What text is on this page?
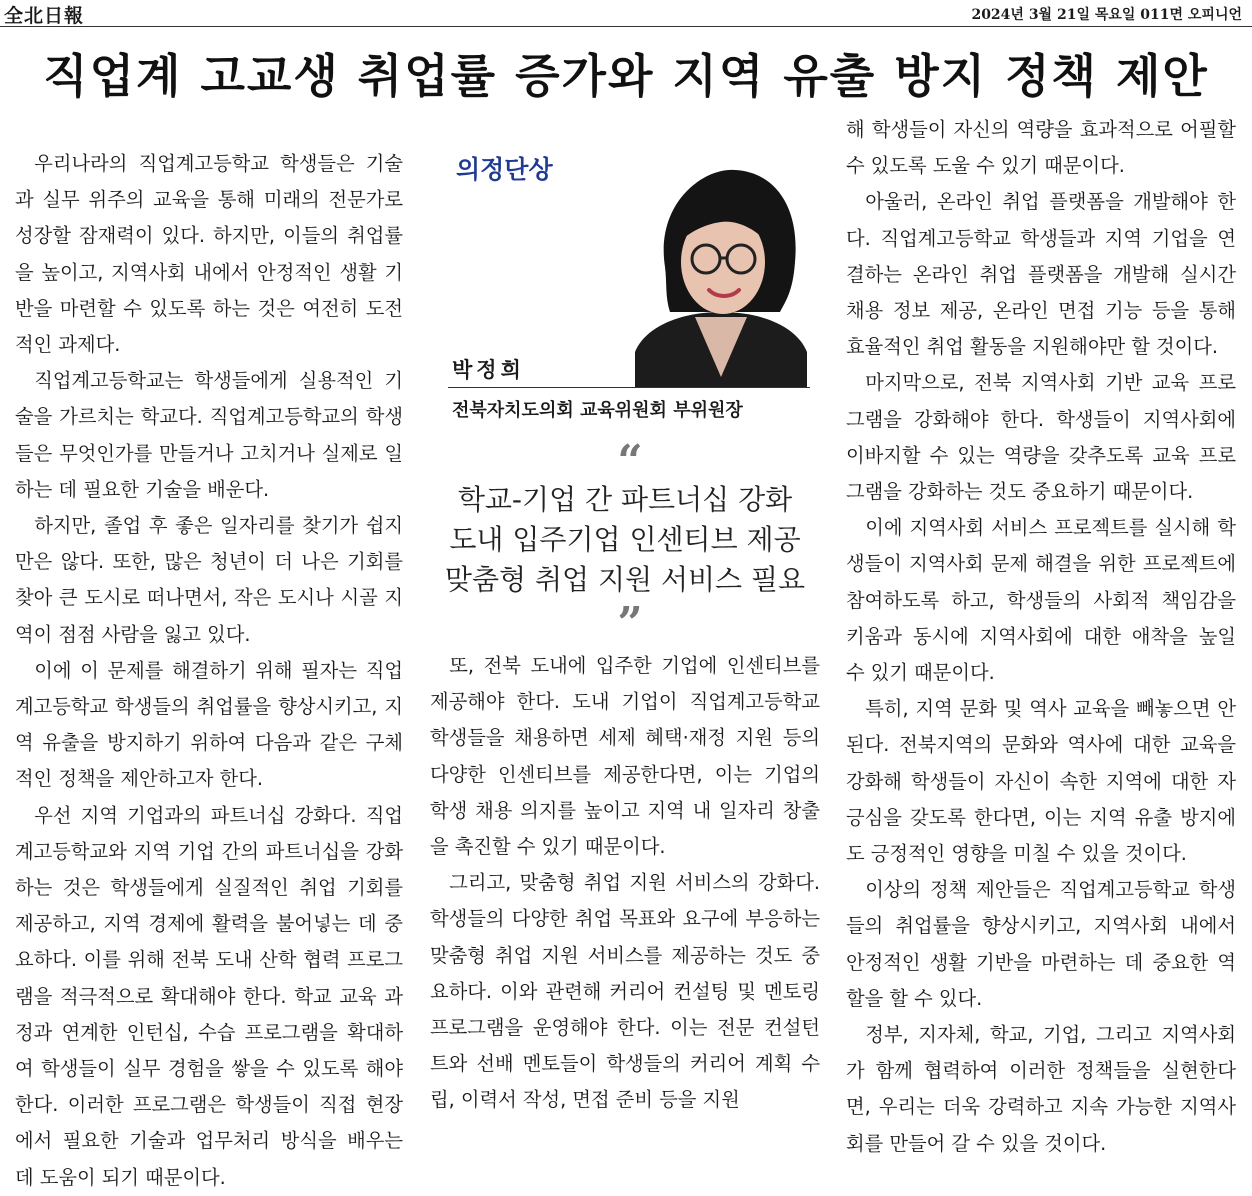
全北日報	2024년 3월 21일 목요일 011면 오피니언
직업계 고교생 취업률 증가와 지역 유출 방지 정책 제안

우리나라의 직업계고등학교 학생들은 기술과 실무 위주의 교육을 통해 미래의 전문가로 성장할 잠재력이 있다. 하지만, 이들의 취업률을 높이고, 지역사회 내에서 안정적인 생활 기반을 마련할 수 있도록 하는 것은 여전히 도전적인 과제다.

직업계고등학교는 학생들에게 실용적인 기술을 가르치는 학교다. 직업계고등학교의 학생들은 무엇인가를 만들거나 고치거나 실제로 일하는 데 필요한 기술을 배운다.

하지만, 졸업 후 좋은 일자리를 찾기가 쉽지만은 않다. 또한, 많은 청년이 더 나은 기회를 찾아 큰 도시로 떠나면서, 작은 도시나 시골 지역이 점점 사람을 잃고 있다.

이에 이 문제를 해결하기 위해 필자는 직업계고등학교 학생들의 취업률을 향상시키고, 지역 유출을 방지하기 위하여 다음과 같은 구체적인 정책을 제안하고자 한다.

우선 지역 기업과의 파트너십 강화다. 직업계고등학교와 지역 기업 간의 파트너십을 강화하는 것은 학생들에게 실질적인 취업 기회를 제공하고, 지역 경제에 활력을 불어넣는 데 중요하다. 이를 위해 전북 도내 산학 협력 프로그램을 적극적으로 확대해야 한다. 학교 교육 과정과 연계한 인턴십, 수습 프로그램을 확대하여 학생들이 실무 경험을 쌓을 수 있도록 해야 한다. 이러한 프로그램은 학생들이 직접 현장에서 필요한 기술과 업무처리 방식을 배우는 데 도움이 되기 때문이다.

의정단상
박정희
전북자치도의회 교육위원회 부위원장
“
학교-기업 간 파트너십 강화
도내 입주기업 인센티브 제공
맞춤형 취업 지원 서비스 필요
”

또, 전북 도내에 입주한 기업에 인센티브를 제공해야 한다. 도내 기업이 직업계고등학교 학생들을 채용하면 세제 혜택·재정 지원 등의 다양한 인센티브를 제공한다면, 이는 기업의 학생 채용 의지를 높이고 지역 내 일자리 창출을 촉진할 수 있기 때문이다.

그리고, 맞춤형 취업 지원 서비스의 강화다. 학생들의 다양한 취업 목표와 요구에 부응하는 맞춤형 취업 지원 서비스를 제공하는 것도 중요하다. 이와 관련해 커리어 컨설팅 및 멘토링 프로그램을 운영해야 한다. 이는 전문 컨설턴트와 선배 멘토들이 학생들의 커리어 계획 수립, 이력서 작성, 면접 준비 등을 지원

해 학생들이 자신의 역량을 효과적으로 어필할 수 있도록 도울 수 있기 때문이다.

아울러, 온라인 취업 플랫폼을 개발해야 한다. 직업계고등학교 학생들과 지역 기업을 연결하는 온라인 취업 플랫폼을 개발해 실시간 채용 정보 제공, 온라인 면접 기능 등을 통해 효율적인 취업 활동을 지원해야만 할 것이다.

마지막으로, 전북 지역사회 기반 교육 프로그램을 강화해야 한다. 학생들이 지역사회에 이바지할 수 있는 역량을 갖추도록 교육 프로그램을 강화하는 것도 중요하기 때문이다.

이에 지역사회 서비스 프로젝트를 실시해 학생들이 지역사회 문제 해결을 위한 프로젝트에 참여하도록 하고, 학생들의 사회적 책임감을 키움과 동시에 지역사회에 대한 애착을 높일 수 있기 때문이다.

특히, 지역 문화 및 역사 교육을 빼놓으면 안 된다. 전북지역의 문화와 역사에 대한 교육을 강화해 학생들이 자신이 속한 지역에 대한 자긍심을 갖도록 한다면, 이는 지역 유출 방지에도 긍정적인 영향을 미칠 수 있을 것이다.

이상의 정책 제안들은 직업계고등학교 학생들의 취업률을 향상시키고, 지역사회 내에서 안정적인 생활 기반을 마련하는 데 중요한 역할을 할 수 있다.

정부, 지자체, 학교, 기업, 그리고 지역사회가 함께 협력하여 이러한 정책들을 실현한다면, 우리는 더욱 강력하고 지속 가능한 지역사회를 만들어 갈 수 있을 것이다.
